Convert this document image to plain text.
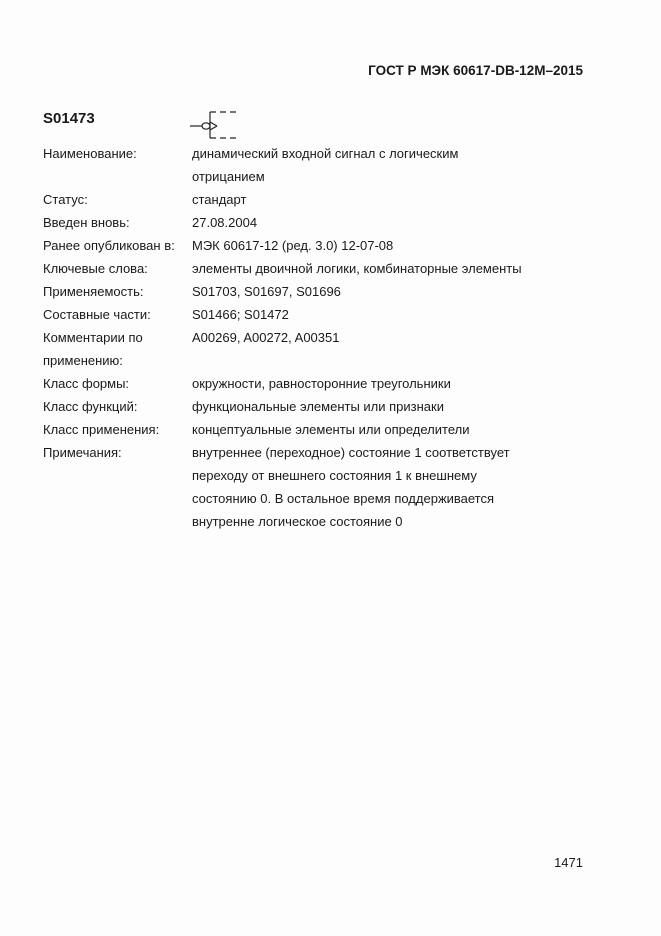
ГОСТ Р МЭК 60617-DB-12M–2015
S01473
Наименование:	динамический входной сигнал с логическим
отрицанием
Статус:	стандарт
Введен вновь:	27.08.2004
Ранее опубликован в:	МЭК 60617-12 (ред. 3.0) 12-07-08
Ключевые слова:	элементы двоичной логики, комбинаторные элементы
Применяемость:	S01703, S01697, S01696
Составные части:	S01466; S01472
Комментарии по применению:
A00269, A00272, A00351
Класс формы:	окружности, равносторонние треугольники
Класс функций:	функциональные элементы или признаки
Класс применения:	концептуальные элементы или определители
Примечания:	внутреннее (переходное) состояние 1 соответствует
переходу от внешнего состояния 1 к внешнему
состоянию 0. В остальное время поддерживается
внутренне логическое состояние 0
1471
